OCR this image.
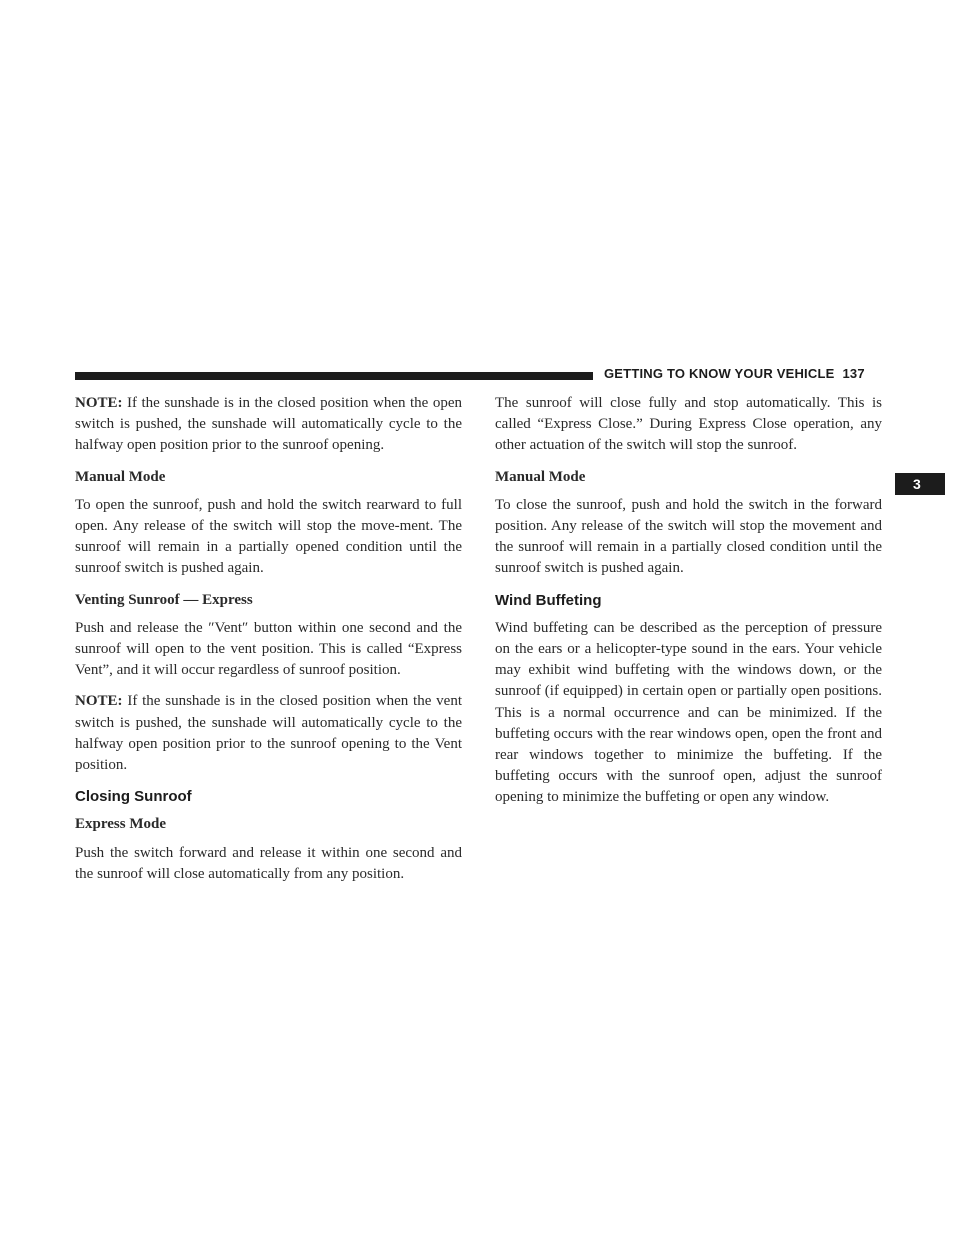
GETTING TO KNOW YOUR VEHICLE 137
3

NOTE: If the sunshade is in the closed position when the open switch is pushed, the sunshade will automatically cycle to the halfway open position prior to the sunroof opening.

Manual Mode

To open the sunroof, push and hold the switch rearward to full open. Any release of the switch will stop the move-ment. The sunroof will remain in a partially opened condition until the sunroof switch is pushed again.

Venting Sunroof — Express

Push and release the ″Vent″ button within one second and the sunroof will open to the vent position. This is called “Express Vent”, and it will occur regardless of sunroof position.

NOTE: If the sunshade is in the closed position when the vent switch is pushed, the sunshade will automatically cycle to the halfway open position prior to the sunroof opening to the Vent position.

Closing Sunroof

Express Mode

Push the switch forward and release it within one second and the sunroof will close automatically from any position.

The sunroof will close fully and stop automatically. This is called “Express Close.” During Express Close operation, any other actuation of the switch will stop the sunroof.

Manual Mode

To close the sunroof, push and hold the switch in the forward position. Any release of the switch will stop the movement and the sunroof will remain in a partially closed condition until the sunroof switch is pushed again.

Wind Buffeting

Wind buffeting can be described as the perception of pressure on the ears or a helicopter-type sound in the ears. Your vehicle may exhibit wind buffeting with the windows down, or the sunroof (if equipped) in certain open or partially open positions. This is a normal occurrence and can be minimized. If the buffeting occurs with the rear windows open, open the front and rear windows together to minimize the buffeting. If the buffeting occurs with the sunroof open, adjust the sunroof opening to minimize the buffeting or open any window.
